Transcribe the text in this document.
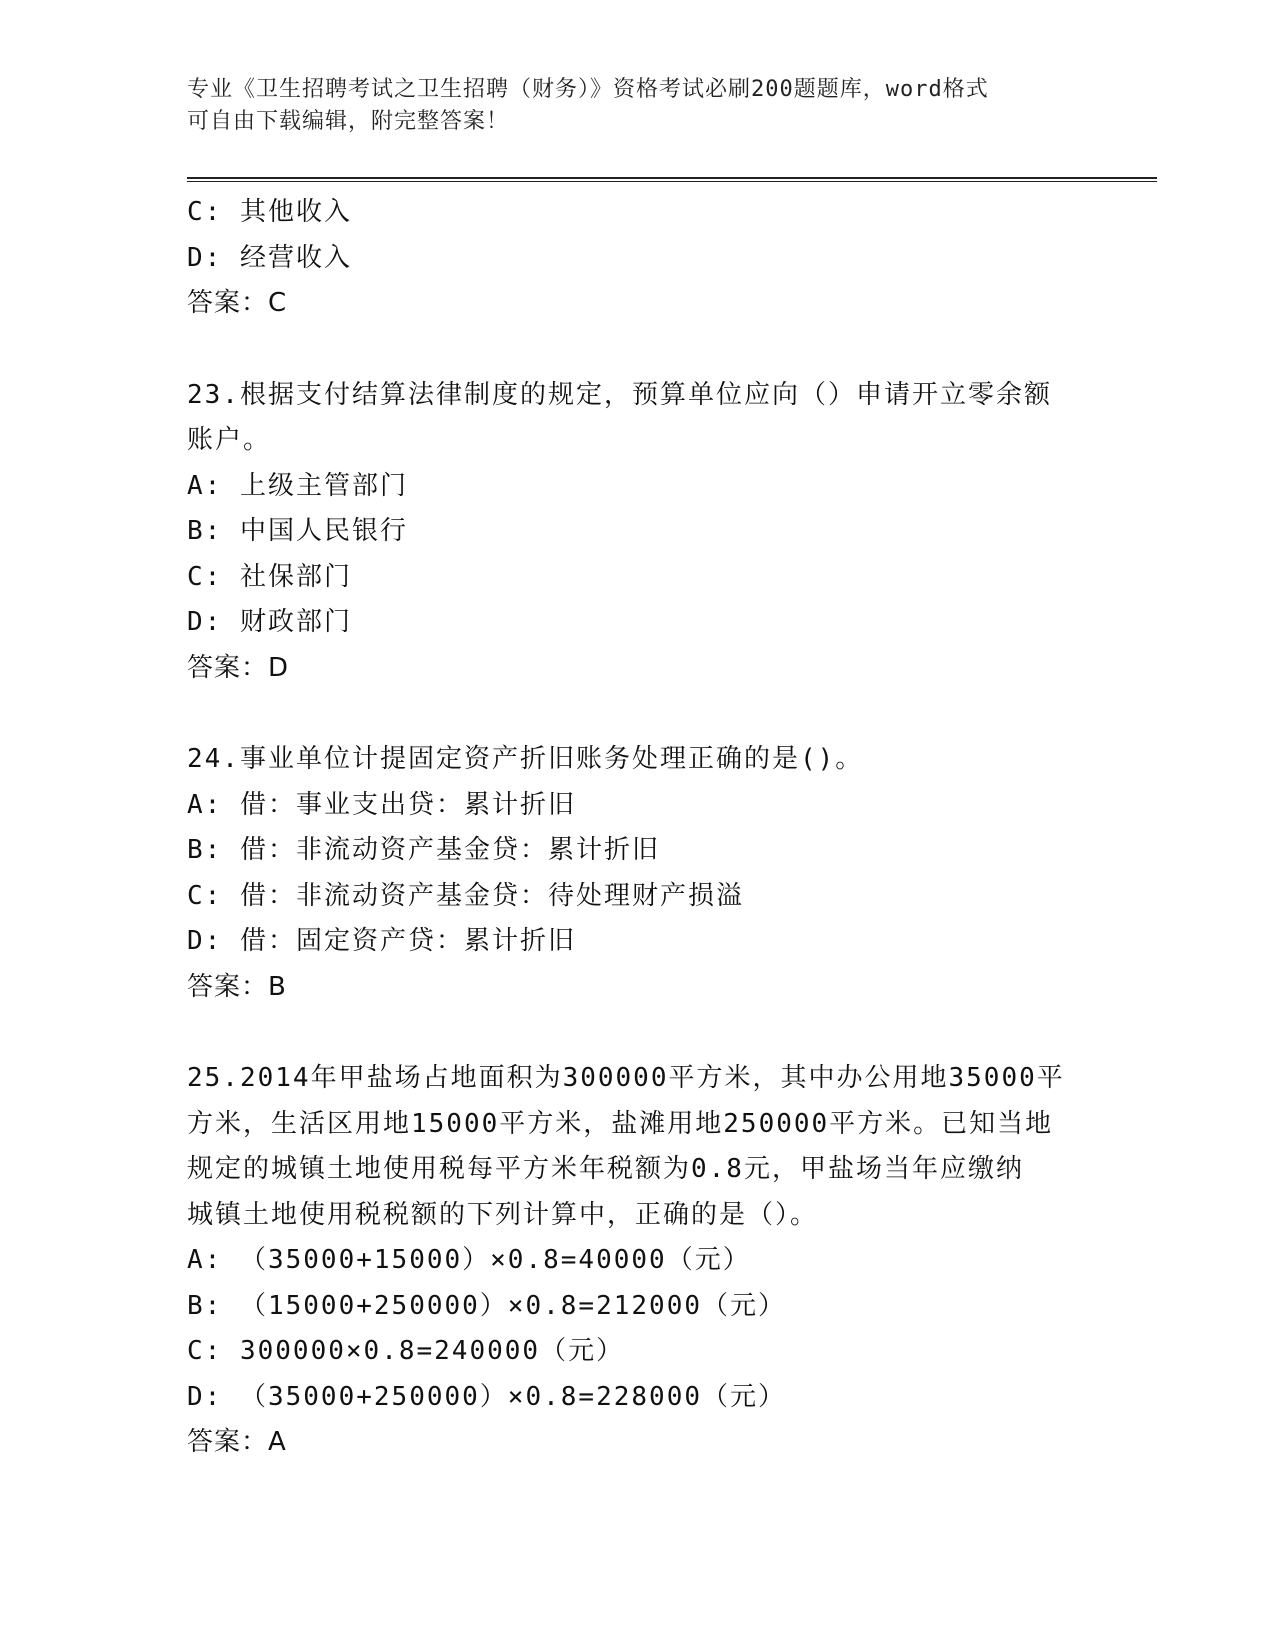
专业《卫生招聘考试之卫生招聘（财务）》资格考试必刷200题题库，word格式
可自由下载编辑，附完整答案！
C: 其他收入
D: 经营收入
答案：C
23.根据支付结算法律制度的规定，预算单位应向（）申请开立零余额
账户。
A: 上级主管部门
B: 中国人民银行
C: 社保部门
D: 财政部门
答案：D
24.事业单位计提固定资产折旧账务处理正确的是()。
A: 借：事业支出贷：累计折旧
B: 借：非流动资产基金贷：累计折旧
C: 借：非流动资产基金贷：待处理财产损溢
D: 借：固定资产贷：累计折旧
答案：B
25.2014年甲盐场占地面积为300000平方米，其中办公用地35000平
方米，生活区用地15000平方米，盐滩用地250000平方米。已知当地
规定的城镇土地使用税每平方米年税额为0.8元，甲盐场当年应缴纳
城镇土地使用税税额的下列计算中，正确的是（）。
A: （35000+15000）×0.8=40000（元）
B: （15000+250000）×0.8=212000（元）
C: 300000×0.8=240000（元）
D: （35000+250000）×0.8=228000（元）
答案：A
